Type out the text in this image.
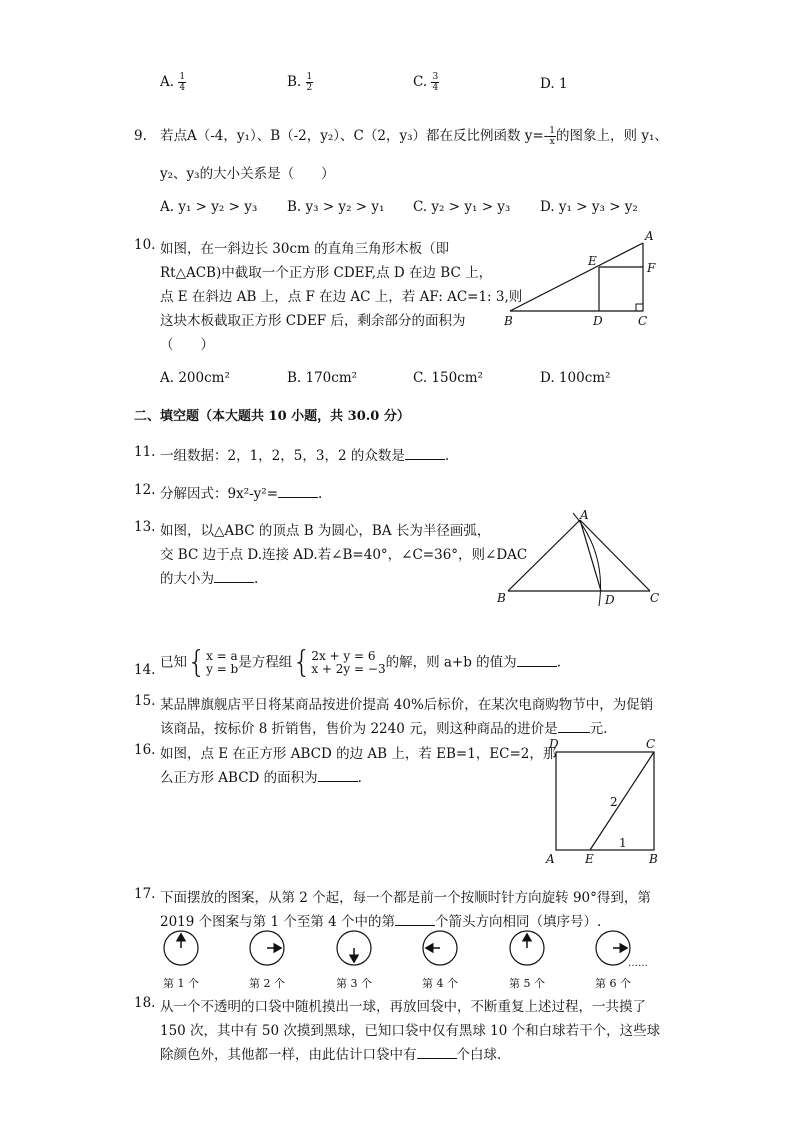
A. $\frac{1}{4}$	B. $\frac{1}{2}$	C. $\frac{3}{4}$	D. 1
9. 若点A（-4，y₁）、B（-2，y₂）、C（2，y₃）都在反比例函数 $y=- \frac{1}{x}$ 的图象上，则 y₁、
y₂、y₃的大小关系是（　　）
A. y₁ > y₂ > y₃ B. y₃ > y₂ > y₁ C. y₂ > y₁ > y₃ D. y₁ > y₃ > y₂
10. 如图，在一斜边长 30cm 的直角三角形木板（即
Rt△ACB)中截取一个正方形 CDEF,点 D 在边 BC 上，
点 E 在斜边 AB 上，点 F 在边 AC 上，若 AF: AC=1: 3,则
这块木板截取正方形 CDEF 后，剩余部分的面积为
（　　）
A
B	C
D
E	F
A. 200cm²	B. 170cm²	C. 150cm²	D. 100cm²
二、填空题（本大题共 10 小题，共 30.0 分）
11. 一组数据：2，1，2，5，3，2 的众数是	.
12. 分解因式：9x²-y²=	.
13. 如图，以△ABC 的顶点 B 为圆心，BA 长为半径画弧，
交 BC 边于点 D.连接 AD.若∠B=40°，∠C=36°，则∠DAC
的大小为	.
A
B	C
D
14. 已知{ x = a
y = b 是方程组{ 2x + y = 6
x + 2y = −3 的解，则 a+b 的值为	.
15. 某品牌旗舰店平日将某商品按进价提高 40%后标价，在某次电商购物节中，为促销
该商品，按标价 8 折销售，售价为 2240 元，则这种商品的进价是 元.
16. 如图，点 E 在正方形 ABCD 的边 AB 上，若 EB=1，EC=2，那
么正方形 ABCD 的面积为	.
D	C
A	E	B
2
1
17. 下面摆放的图案，从第 2 个起，每一个都是前一个按顺时针方向旋转 90°得到，第
2019 个图案与第 1 个至第 4 个中的第	个箭头方向相同（填序号）.
第 1 个	第 2 个	第 3 个	第 4 个	第 5 个	第 6 个
……
18. 从一个不透明的口袋中随机摸出一球，再放回袋中，不断重复上述过程，一共摸了
150 次，其中有 50 次摸到黑球，已知口袋中仅有黑球 10 个和白球若干个，这些球
除颜色外，其他都一样，由此估计口袋中有	个白球.
